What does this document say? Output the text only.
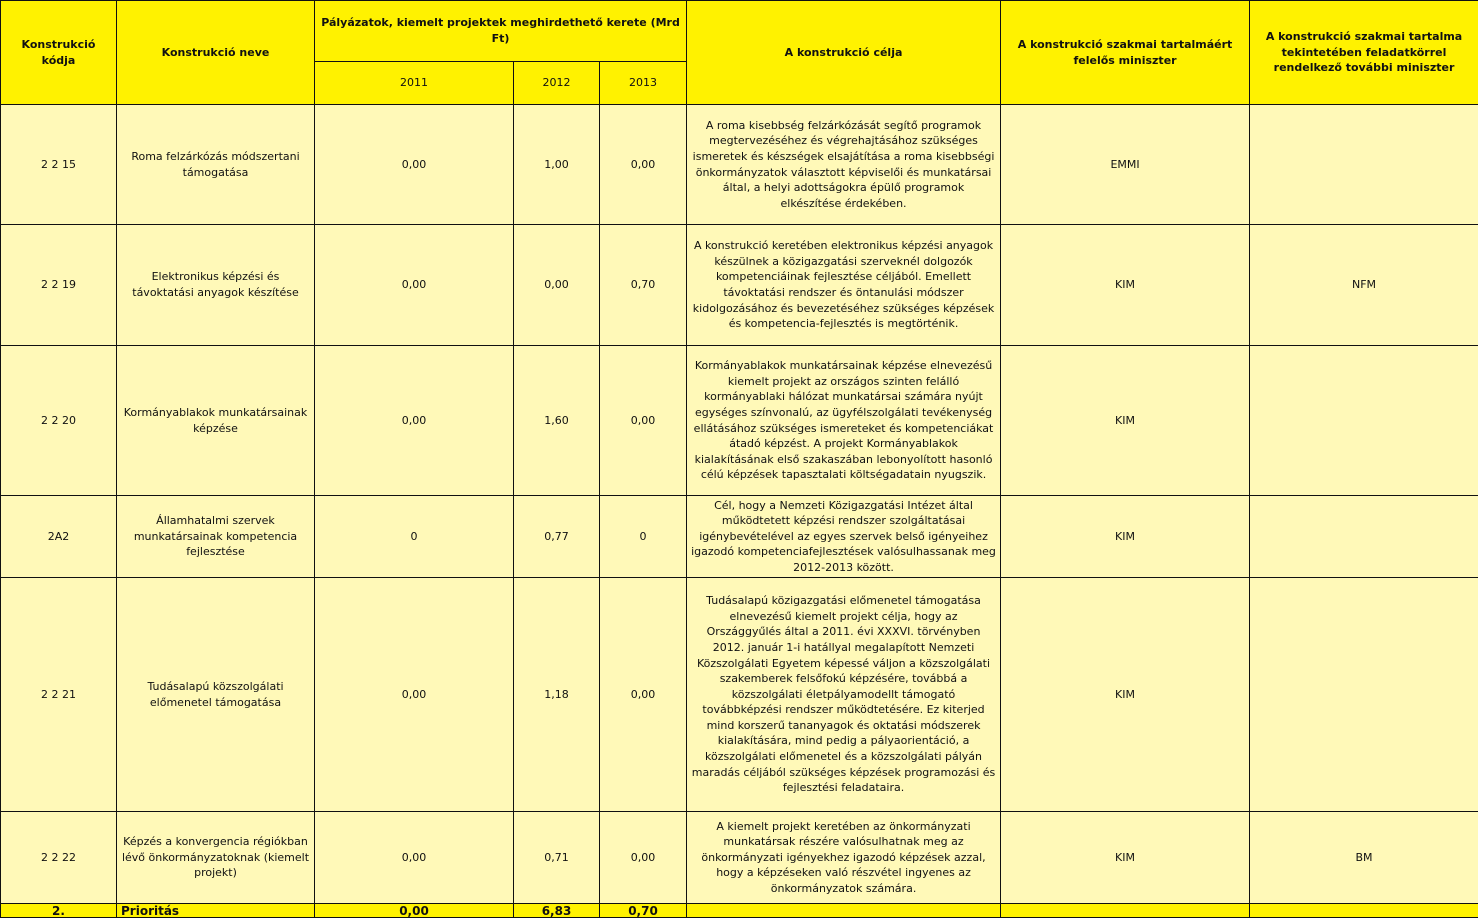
Konstrukció kódja	Konstrukció neve	Pályázatok, kiemelt projektek meghirdethető kerete (Mrd Ft)			A konstrukció célja	A konstrukció szakmai tartalmáért felelős miniszter	A konstrukció szakmai tartalma tekintetében feladatkörrel rendelkező további miniszter
		2011	2012	2013			
2 2 15	Roma felzárkózás módszertani támogatása	0,00	1,00	0,00	A roma kisebbség felzárkózását segítő programok megtervezéséhez és végrehajtásához szükséges ismeretek és készségek elsajátítása a roma kisebbségi önkormányzatok választott képviselői és munkatársai által, a helyi adottságokra épülő programok elkészítése érdekében.	EMMI	
2 2 19	Elektronikus képzési és távoktatási anyagok készítése	0,00	0,00	0,70	A konstrukció keretében elektronikus képzési anyagok készülnek a közigazgatási szerveknél dolgozók kompetenciáinak fejlesztése céljából. Emellett távoktatási rendszer és öntanulási módszer kidolgozásához és bevezetéséhez szükséges képzések és kompetencia-fejlesztés is megtörténik.	KIM	NFM
2 2 20	Kormányablakok munkatársainak képzése	0,00	1,60	0,00	Kormányablakok munkatársainak képzése elnevezésű kiemelt projekt az országos szinten felálló kormányablaki hálózat munkatársai számára nyújt egységes színvonalú, az ügyfélszolgálati tevékenység ellátásához szükséges ismereteket és kompetenciákat átadó képzést. A projekt Kormányablakok kialakításának első szakaszában lebonyolított hasonló célú képzések tapasztalati költségadatain nyugszik.	KIM	
2A2	Államhatalmi szervek munkatársainak kompetencia fejlesztése	0	0,77	0	Cél, hogy a Nemzeti Közigazgatási Intézet által működtetett képzési rendszer szolgáltatásai igénybevételével az egyes szervek belső igényeihez igazodó kompetenciafejlesztések valósulhassanak meg 2012-2013 között.	KIM	
2 2 21	Tudásalapú közszolgálati előmenetel támogatása	0,00	1,18	0,00	Tudásalapú közigazgatási előmenetel támogatása elnevezésű kiemelt projekt célja, hogy az Országgyűlés által a 2011. évi XXXVI. törvényben 2012. január 1-i hatállyal megalapított Nemzeti Közszolgálati Egyetem képessé váljon a közszolgálati szakemberek felsőfokú képzésére, továbbá a közszolgálati életpályamodellt támogató továbbképzési rendszer működtetésére. Ez kiterjed mind korszerű tananyagok és oktatási módszerek kialakítására, mind pedig a pályaorientáció, a közszolgálati előmenetel és a közszolgálati pályán maradás céljából szükséges képzések programozási és fejlesztési feladataira.	KIM	
2 2 22	Képzés a konvergencia régiókban lévő önkormányzatoknak (kiemelt projekt)	0,00	0,71	0,00	A kiemelt projekt keretében az önkormányzati munkatársak részére valósulhatnak meg az önkormányzati igényekhez igazodó képzések azzal, hogy a képzéseken való részvétel ingyenes az önkormányzatok számára.	KIM	BM
2.	Prioritás	0,00	6,83	0,70			
